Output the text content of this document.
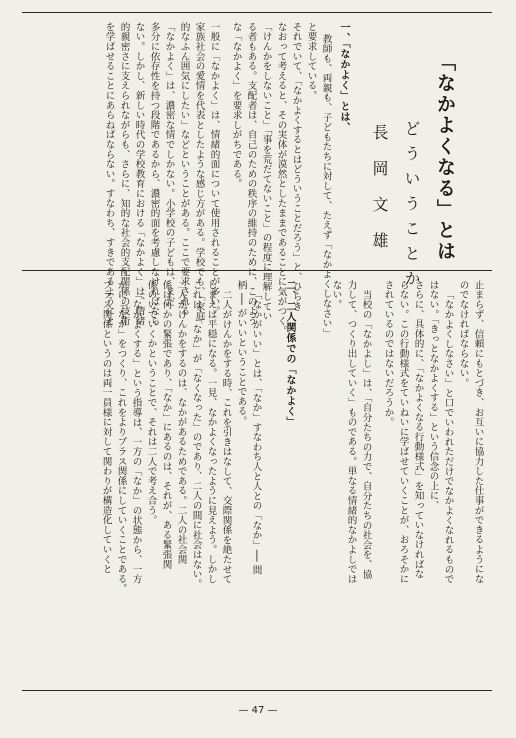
「なかよくなる」とは
どういうことか
長岡文雄
一、「なかよく」とは、
教師も、両親も、子どもたちに対して、たえず「なかよくしなさい」
と要求している。
それでいて、「なかよくするとはどういうことだろう」と、ひらき
なおって考えると、その実体が漠然としたままであることに気がつく。
「けんかをしないこと」「事を荒だてないこと」の程度に理解してい
る者もある。支配者は、自己のための秩序の維持のために、このよう
な「なかよく」を要求しがちである。
一般に「なかよく」は、情緒的面について使用されることが多い。
家族社会の愛情を代表としたような感じ方がある。学校でも、「家庭
的なふん囲気にしたい」などということがある。ここで要求される
「なかよく」は、濃密な情でしかない。小学校の子どもは、まだ
多分に依存性を持つ段階であるから、濃密的面を考慮しなければなら
ない。しかし、新しい時代の学校教育における「なかよく」は、情緒
的親密さに支えられながらも、さらに、知的な社会的支配関係の技術
を学ばせることにあらねばならない。すなわち、すきであるようにと
止まらず、信頼にもとづき、お互いに協力した仕事ができるようにな
のでなければならない。
「なかよくしなさい」と口でいわれただけでなかよくなれるもので
はない。「きっとなかよくする」という信念の上に、
さらに、具体的に、「なかよくなる行動様式」を知っていなければな
らない。この行動様式をていねいに学ばせていくことが、おろそかに
されているのではないだろうか。
当校の「なかよし」は、「自分たちの力で、自分たちの社会を、協
力して、つくり出していく」ものである。単なる情緒的なかよしでは
ない。
二、二人関係での「なかよく」
「なかがいい」とは、「なか」すなわち人と人との「なか」── 間
柄 ── がいいということである。
二人がけんかをする時、これを引きはなして、交際関係を絶たせて
しまえば平穏になる。一見、なかよくなったように見えよう。しかし
これは、「なか」が「なくなった」のであり、二人の間に社会はない。
二人がけんかをするのは、なかがあるためである。二人の社会関
係は何かの緊張であり、「なか」にあるのは、それが、ある緊張関
係のいていくかということで、それは二人で考え合う。
「なかよくする」という指導は、一方の「なか」の状態から、一方
かに「なか」をつくり、これをよりプラス関係にしていくことである。
プラス関係というのは両一員様に対して関わりが構造化していくと
— 47 —
